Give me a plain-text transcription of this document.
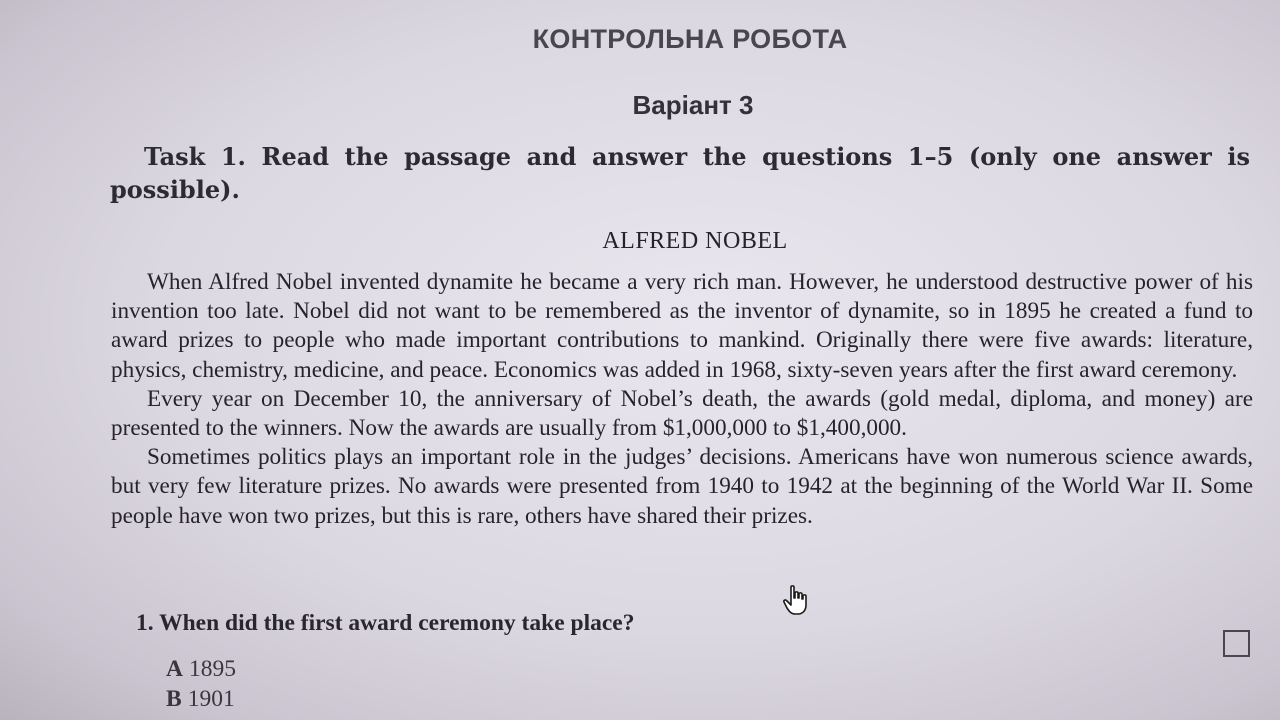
КОНТРОЛЬНА РОБОТА
Варіант 3
Task 1. Read the passage and answer the questions 1–5 (only one answer is possible).
ALFRED NOBEL

When Alfred Nobel invented dynamite he became a very rich man. However, he understood destructive power of his invention too late. Nobel did not want to be remembered as the inventor of dynamite, so in 1895 he created a fund to award prizes to people who made important contributions to mankind. Originally there were five awards: literature, physics, chemistry, medicine, and peace. Economics was added in 1968, sixty-seven years after the first award ceremony.

Every year on December 10, the anniversary of Nobel’s death, the awards (gold medal, diploma, and money) are presented to the winners. Now the awards are usually from $1,000,000 to $1,400,000.

Sometimes politics plays an important role in the judges’ decisions. Americans have won numerous science awards, but very few literature prizes. No awards were presented from 1940 to 1942 at the beginning of the World War II. Some people have won two prizes, but this is rare, others have shared their prizes.

1. When did the first award ceremony take place?
A 1895
B 1901
